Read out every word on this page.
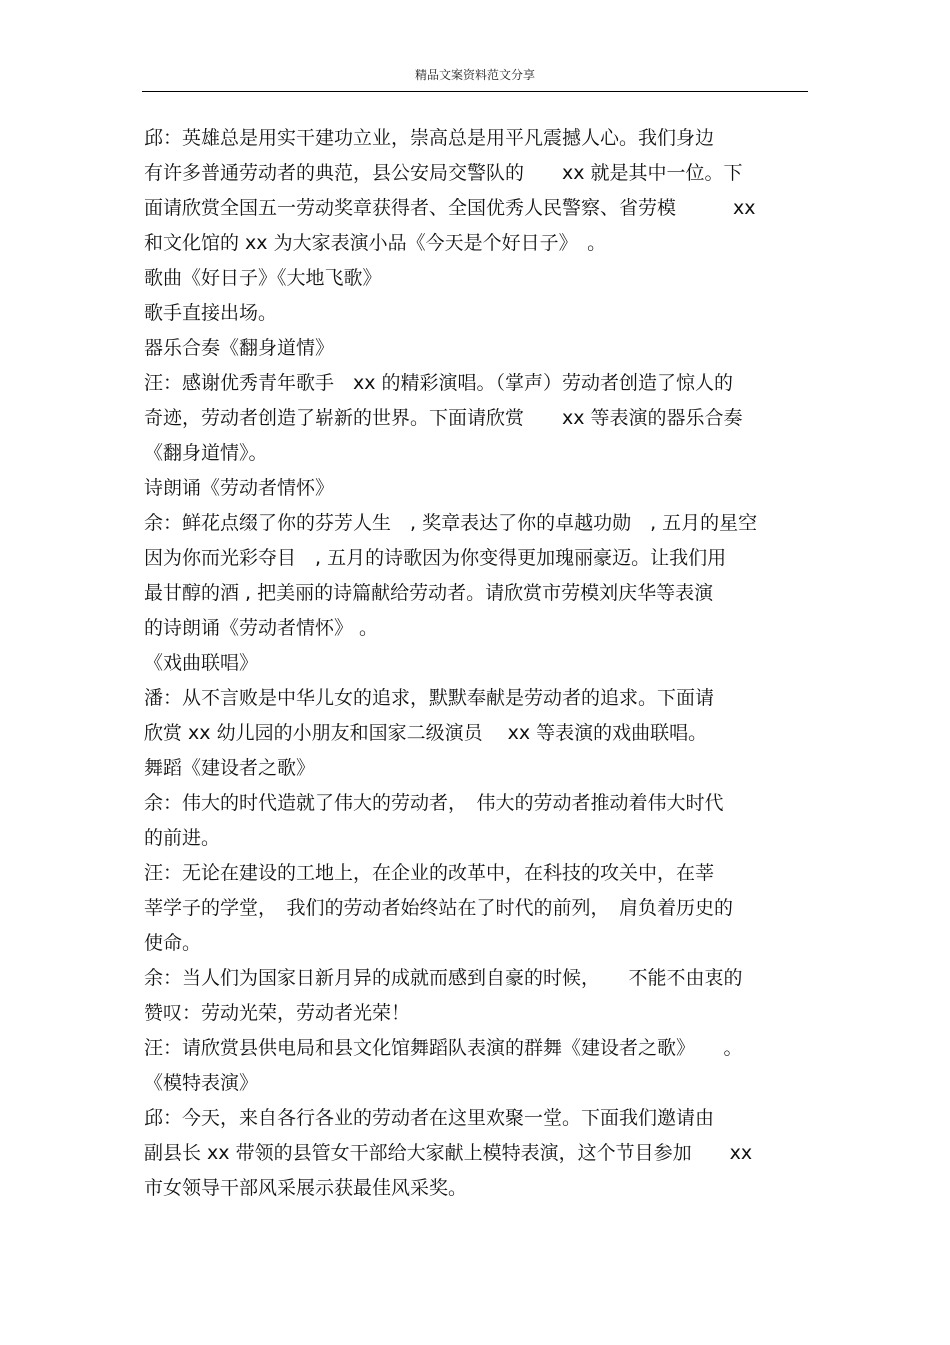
精品文案资料范文分享
邱：英雄总是用实干建功立业，崇高总是用平凡震撼人心。我们身边
有许多普通劳动者的典范，县公安局交警队的　　xx 就是其中一位。下
面请欣赏全国五一劳动奖章获得者、全国优秀人民警察、省劳模　　　xx
和文化馆的 xx 为大家表演小品《今天是个好日子》　。
歌曲《好日子》《大地飞歌》
歌手直接出场。
器乐合奏《翻身道情》
汪：感谢优秀青年歌手　xx 的精彩演唱。（掌声）劳动者创造了惊人的
奇迹，劳动者创造了崭新的世界。下面请欣赏　　xx 等表演的器乐合奏
《翻身道情》。
诗朗诵《劳动者情怀》
余：鲜花点缀了你的芬芳人生　, 奖章表达了你的卓越功勋　, 五月的星空
因为你而光彩夺目　, 五月的诗歌因为你变得更加瑰丽豪迈。让我们用
最甘醇的酒 , 把美丽的诗篇献给劳动者。请欣赏市劳模刘庆华等表演
的诗朗诵《劳动者情怀》 。
《戏曲联唱》
潘：从不言败是中华儿女的追求，默默奉献是劳动者的追求。下面请
欣赏 xx 幼儿园的小朋友和国家二级演员　 xx 等表演的戏曲联唱。
舞蹈《建设者之歌》
余：伟大的时代造就了伟大的劳动者，　伟大的劳动者推动着伟大时代
的前进。
汪：无论在建设的工地上，在企业的改革中，在科技的攻关中，在莘
莘学子的学堂，　我们的劳动者始终站在了时代的前列，　肩负着历史的
使命。
余：当人们为国家日新月异的成就而感到自豪的时候，　　不能不由衷的
赞叹：劳动光荣，劳动者光荣！
汪：请欣赏县供电局和县文化馆舞蹈队表演的群舞《建设者之歌》　　。
《模特表演》
邱：今天，来自各行各业的劳动者在这里欢聚一堂。下面我们邀请由
副县长 xx 带领的县管女干部给大家献上模特表演，这个节目参加　　xx
市女领导干部风采展示获最佳风采奖。
